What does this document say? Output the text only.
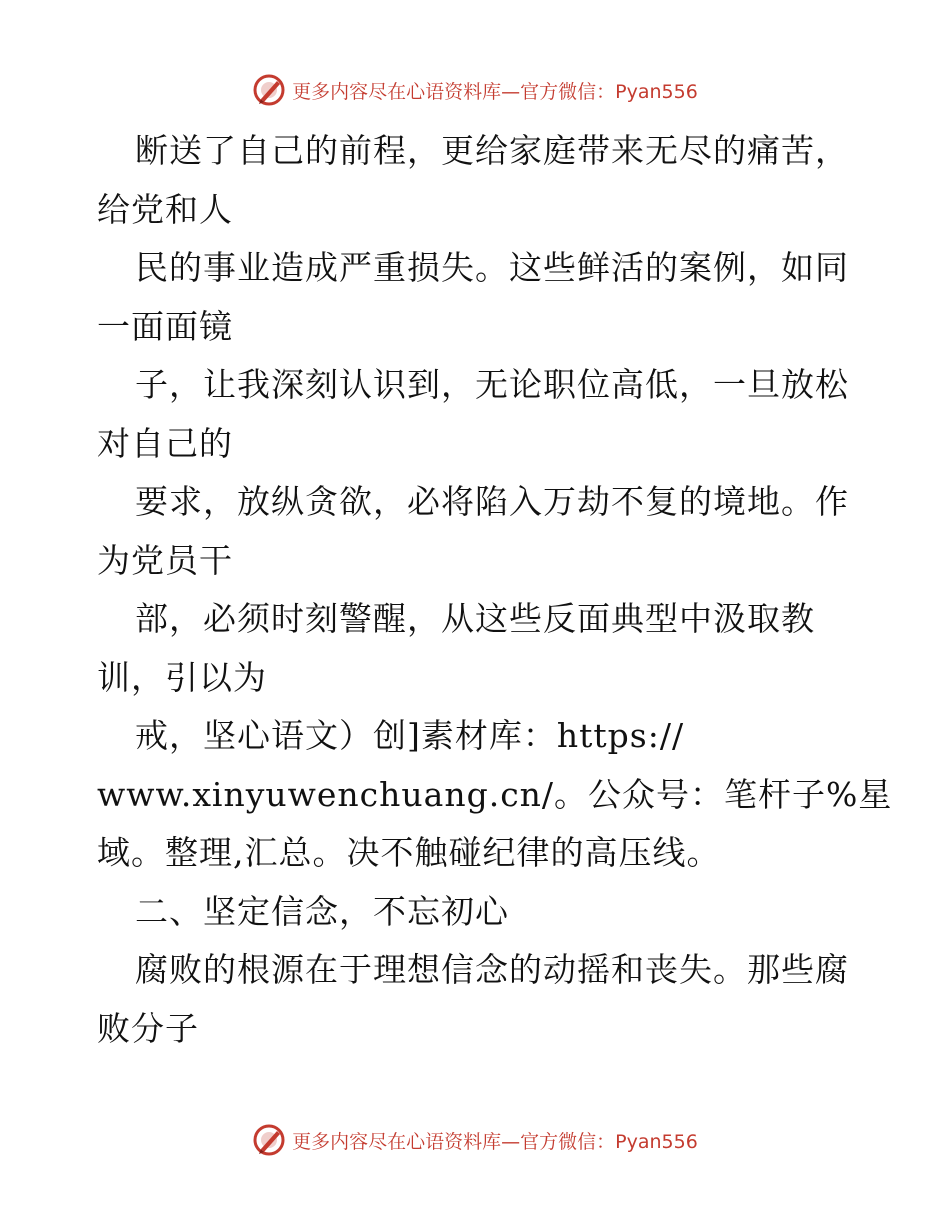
更多内容尽在心语资料库—官方微信：Pyan556
断送了自己的前程，更给家庭带来无尽的痛苦，
给党和人
民的事业造成严重损失。这些鲜活的案例，如同
一面面镜
子，让我深刻认识到，无论职位高低，一旦放松
对自己的
要求，放纵贪欲，必将陷入万劫不复的境地。作
为党员干
部，必须时刻警醒，从这些反面典型中汲取教
训，引以为
戒，坚心语文）创]素材库：https://
www.xinyuwenchuang.cn/。公众号：笔杆子%星
域。整理,汇总。决不触碰纪律的高压线。
二、坚定信念，不忘初心
腐败的根源在于理想信念的动摇和丧失。那些腐
败分子
更多内容尽在心语资料库—官方微信：Pyan556
